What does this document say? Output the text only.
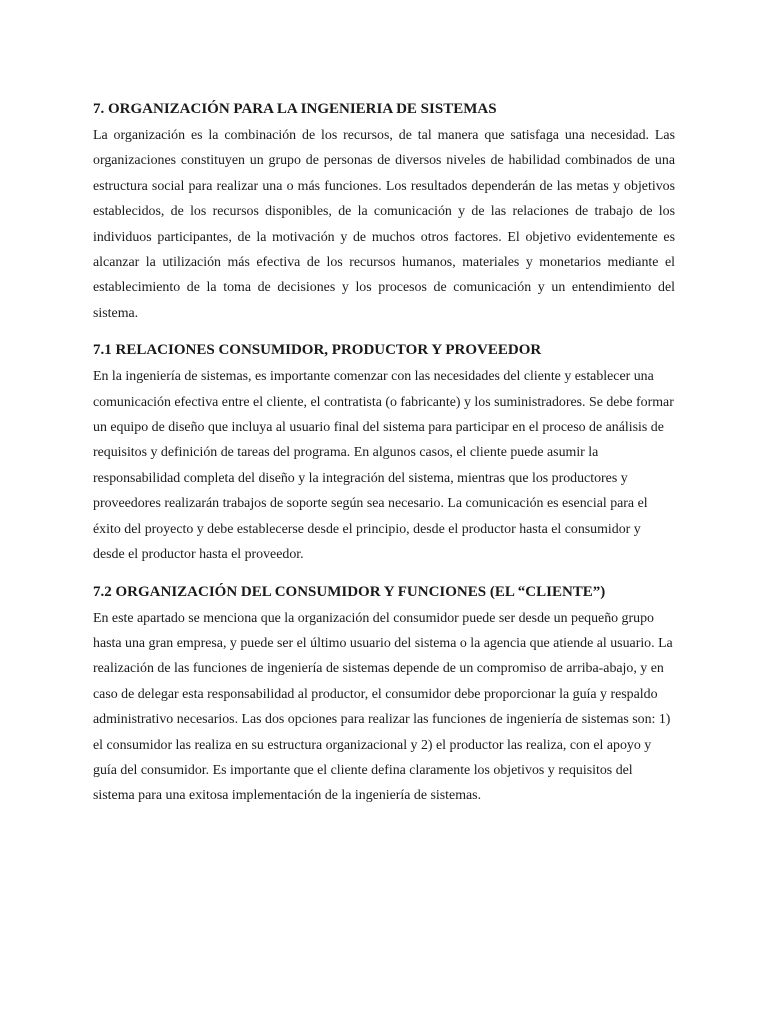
7. ORGANIZACIÓN PARA LA INGENIERIA DE SISTEMAS

La organización es la combinación de los recursos, de tal manera que satisfaga una necesidad. Las organizaciones constituyen un grupo de personas de diversos niveles de habilidad combinados de una estructura social para realizar una o más funciones. Los resultados dependerán de las metas y objetivos establecidos, de los recursos disponibles, de la comunicación y de las relaciones de trabajo de los individuos participantes, de la motivación y de muchos otros factores. El objetivo evidentemente es alcanzar la utilización más efectiva de los recursos humanos, materiales y monetarios mediante el establecimiento de la toma de decisiones y los procesos de comunicación y un entendimiento del sistema.

7.1 RELACIONES CONSUMIDOR, PRODUCTOR Y PROVEEDOR

En la ingeniería de sistemas, es importante comenzar con las necesidades del cliente y establecer una comunicación efectiva entre el cliente, el contratista (o fabricante) y los suministradores. Se debe formar un equipo de diseño que incluya al usuario final del sistema para participar en el proceso de análisis de requisitos y definición de tareas del programa. En algunos casos, el cliente puede asumir la responsabilidad completa del diseño y la integración del sistema, mientras que los productores y proveedores realizarán trabajos de soporte según sea necesario. La comunicación es esencial para el éxito del proyecto y debe establecerse desde el principio, desde el productor hasta el consumidor y desde el productor hasta el proveedor.

7.2 ORGANIZACIÓN DEL CONSUMIDOR Y FUNCIONES (EL “CLIENTE”)

En este apartado se menciona que la organización del consumidor puede ser desde un pequeño grupo hasta una gran empresa, y puede ser el último usuario del sistema o la agencia que atiende al usuario. La realización de las funciones de ingeniería de sistemas depende de un compromiso de arriba-abajo, y en caso de delegar esta responsabilidad al productor, el consumidor debe proporcionar la guía y respaldo administrativo necesarios. Las dos opciones para realizar las funciones de ingeniería de sistemas son: 1) el consumidor las realiza en su estructura organizacional y 2) el productor las realiza, con el apoyo y guía del consumidor. Es importante que el cliente defina claramente los objetivos y requisitos del sistema para una exitosa implementación de la ingeniería de sistemas.
